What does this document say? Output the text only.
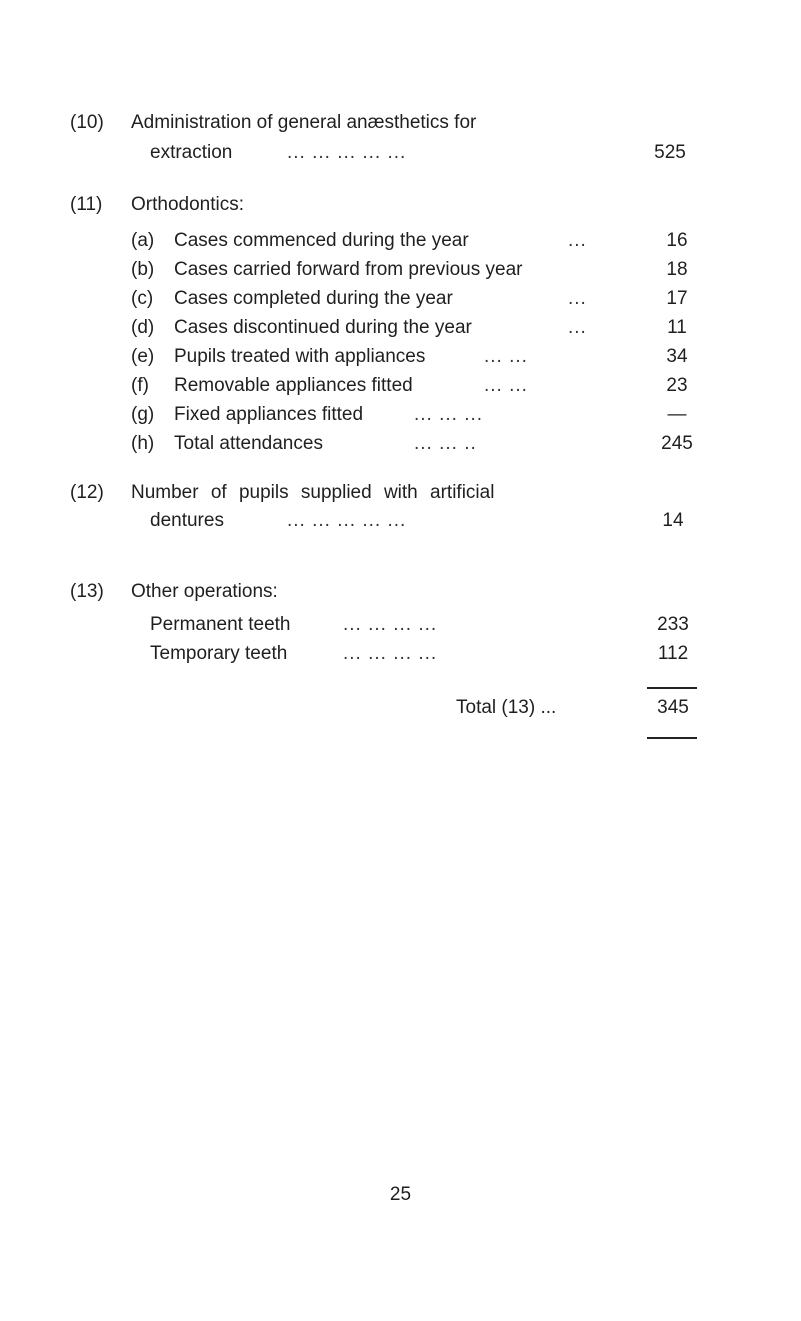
(10) Administration of general anæsthetics for
extraction	... ... ... ... ...	525
(11) Orthodontics:
(a) Cases commenced during the year	...	16
(b) Cases carried forward from previous year	18
(c) Cases completed during the year	...	17
(d) Cases discontinued during the year	...	11
(e) Pupils treated with appliances	... ...	34
(f) Removable appliances fitted	... ...	23
(g) Fixed appliances fitted	... ... ...	—
(h) Total attendances	... ... ..	245
(12) Number of pupils supplied with artificial
dentures	... ... ... ... ...	14
(13) Other operations:
Permanent teeth	... ... ... ...	233
Temporary teeth	... ... ... ...	112
Total (13) ...	345
25
